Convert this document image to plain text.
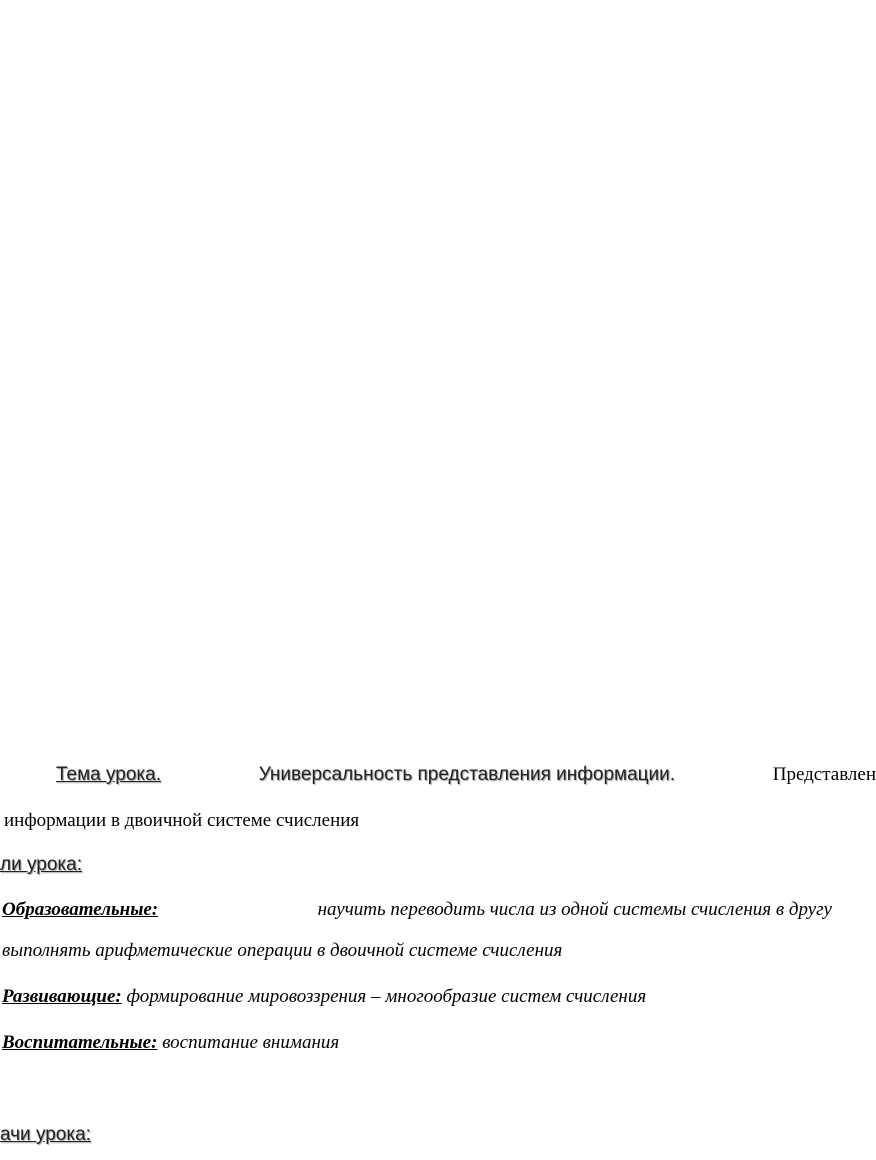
Тема урока.	Универсальность представления информации.	Представлен
информации в двоичной системе счисления
ли урока:
Образовательные:	научить переводить числа из одной системы счисления в другу
выполнять арифметические операции в двоичной системе счисления
Развивающие: формирование мировоззрения – многообразие систем счисления
Воспитательные: воспитание внимания
ачи урока:
